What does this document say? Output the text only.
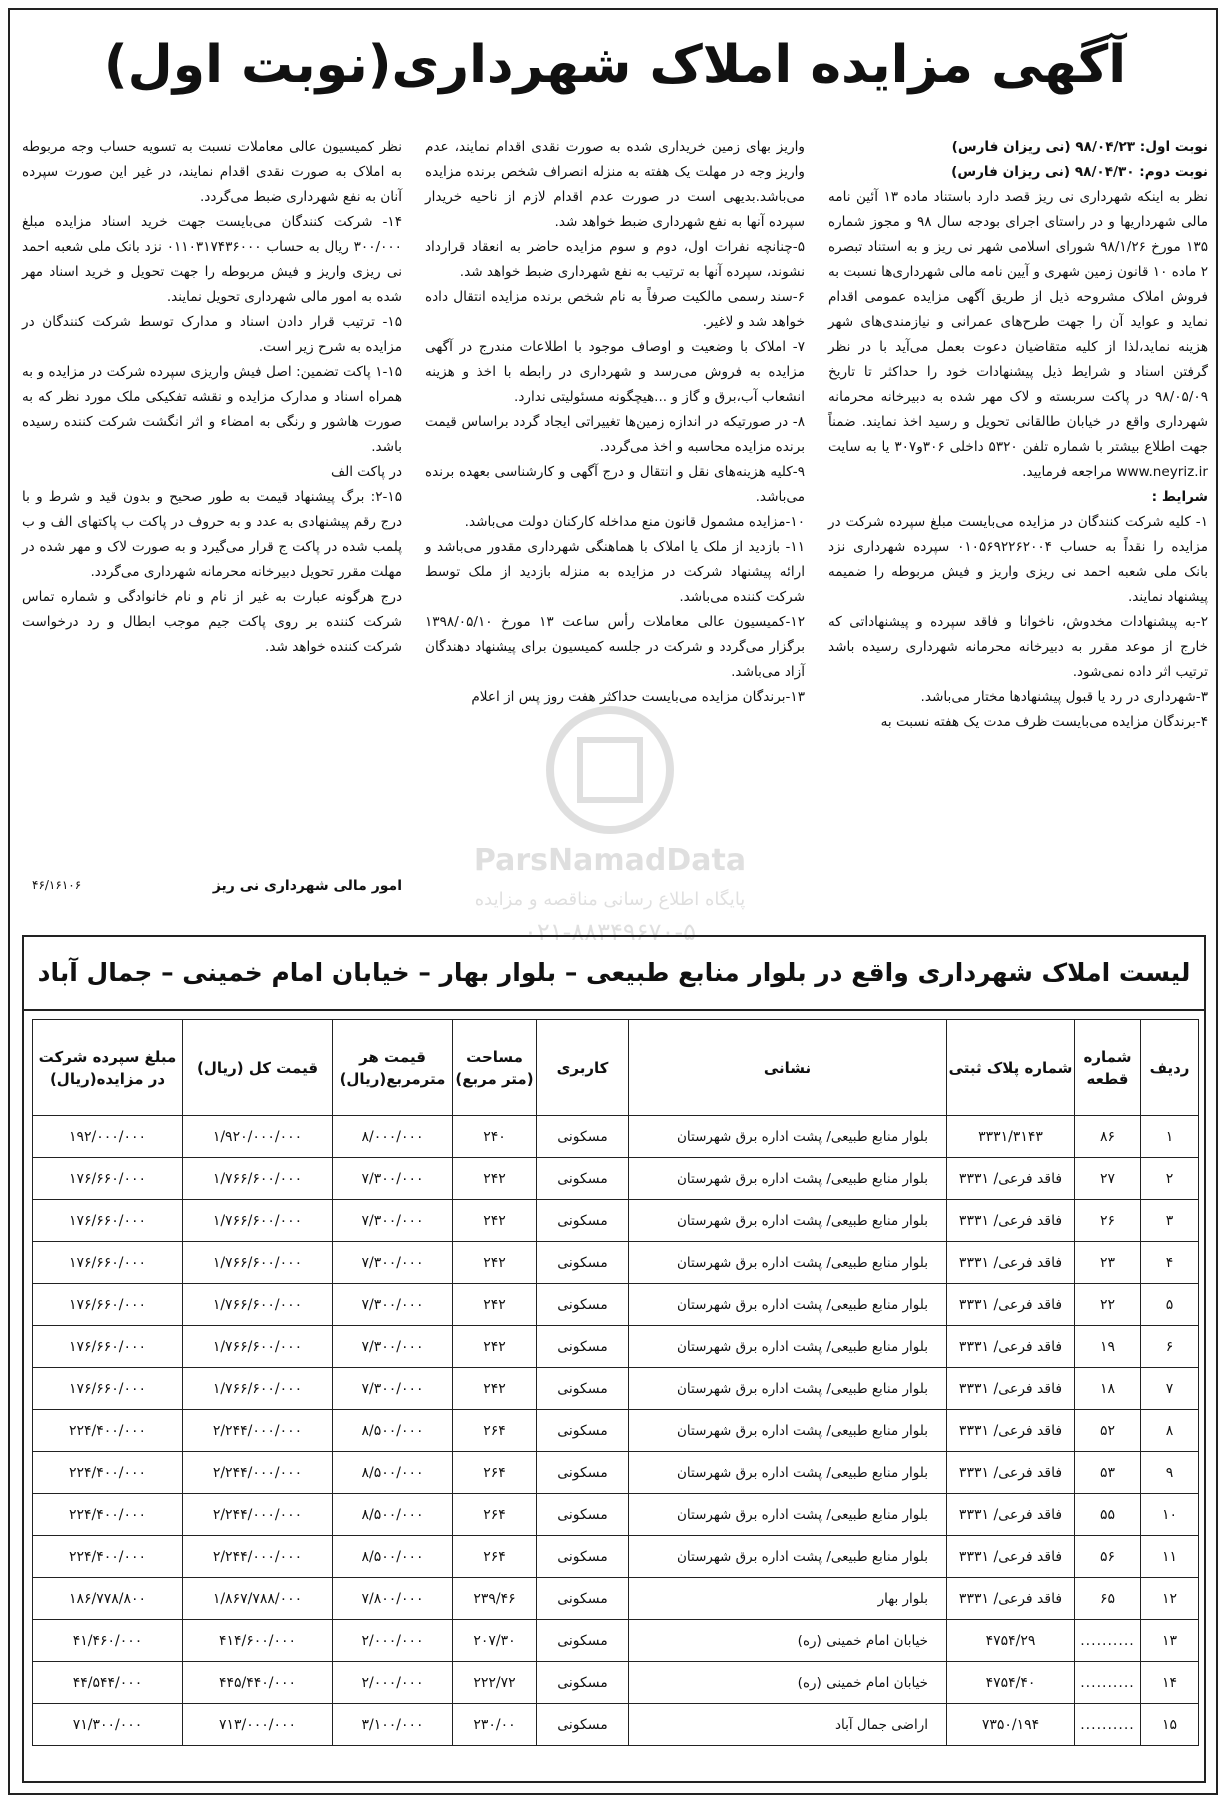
آگهی مزایده املاک شهرداری(نوبت اول)

نوبت اول: ۹۸/۰۴/۲۳ (نی ریزان فارس)

نوبت دوم: ۹۸/۰۴/۳۰ (نی ریزان فارس)

نظر به اینکه شهرداری نی ریز قصد دارد باستناد ماده ۱۳ آئین نامه مالی شهرداریها و در راستای اجرای بودجه سال ۹۸ و مجوز شماره ۱۳۵ مورخ ۹۸/۱/۲۶ شورای اسلامی شهر نی ریز و به استناد تبصره ۲ ماده ۱۰ قانون زمین شهری و آیین نامه مالی شهرداری‌ها نسبت به فروش املاک مشروحه ذیل از طریق آگهی مزایده عمومی اقدام نماید و عواید آن را جهت طرح‌های عمرانی و نیازمندی‌های شهر هزینه نماید،لذا از کلیه متقاضیان دعوت بعمل می‌آید با در نظر گرفتن اسناد و شرایط ذیل پیشنهادات خود را حداکثر تا تاریخ ۹۸/۰۵/۰۹ در پاکت سربسته و لاک مهر شده به دبیرخانه محرمانه شهرداری واقع در خیابان طالقانی تحویل و رسید اخذ نمایند. ضمناً جهت اطلاع بیشتر با شماره تلفن ۵۳۲۰ داخلی ۳۰۶و۳۰۷ یا به سایت www.neyriz.ir مراجعه فرمایید.

شرایط :

۱- کلیه شرکت کنندگان در مزایده می‌بایست مبلغ سپرده شرکت در مزایده را نقداً به حساب ۰۱۰۵۶۹۲۲۶۲۰۰۴ سپرده شهرداری نزد بانک ملی شعبه احمد نی ریزی واریز و فیش مربوطه را ضمیمه پیشنهاد نمایند.

۲-به پیشنهادات مخدوش، ناخوانا و فاقد سپرده و پیشنهاداتی که خارج از موعد مقرر به دبیرخانه محرمانه شهرداری رسیده باشد ترتیب اثر داده نمی‌شود.

۳-شهرداری در رد یا قبول پیشنهادها مختار می‌باشد.

۴-برندگان مزایده می‌بایست ظرف مدت یک هفته نسبت به

واریز بهای زمین خریداری شده به صورت نقدی اقدام نمایند، عدم واریز وجه در مهلت یک هفته به منزله انصراف شخص برنده مزایده می‌باشد.بدیهی است در صورت عدم اقدام لازم از ناحیه خریدار سپرده آنها به نفع شهرداری ضبط خواهد شد.

۵-چنانچه نفرات اول، دوم و سوم مزایده حاضر به انعقاد قرارداد نشوند، سپرده آنها به ترتیب به نفع شهرداری ضبط خواهد شد.

۶-سند رسمی مالکیت صرفاً به نام شخص برنده مزایده انتقال داده خواهد شد و لاغیر.

۷- املاک با وضعیت و اوصاف موجود با اطلاعات مندرج در آگهی مزایده به فروش می‌رسد و شهرداری در رابطه با اخذ و هزینه انشعاب آب،برق و گاز و ...هیچگونه مسئولیتی ندارد.

۸- در صورتیکه در اندازه زمین‌ها تغییراتی ایجاد گردد براساس قیمت برنده مزایده محاسبه و اخذ می‌گردد.

۹-کلیه هزینه‌های نقل و انتقال و درج آگهی و کارشناسی بعهده برنده می‌باشد.

۱۰-مزایده مشمول قانون منع مداخله کارکنان دولت می‌باشد.

۱۱- بازدید از ملک یا املاک با هماهنگی شهرداری مقدور می‌باشد و ارائه پیشنهاد شرکت در مزایده به منزله بازدید از ملک توسط شرکت کننده می‌باشد.

۱۲-کمیسیون عالی معاملات رأس ساعت ۱۳ مورخ ۱۳۹۸/۰۵/۱۰ برگزار می‌گردد و شرکت در جلسه کمیسیون برای پیشنهاد دهندگان آزاد می‌باشد.

۱۳-برندگان مزایده می‌بایست حداکثر هفت روز پس از اعلام

نظر کمیسیون عالی معاملات نسبت به تسویه حساب وجه مربوطه به املاک به صورت نقدی اقدام نمایند، در غیر این صورت سپرده آنان به نفع شهرداری ضبط می‌گردد.

۱۴- شرکت کنندگان می‌بایست جهت خرید اسناد مزایده مبلغ ۳۰۰/۰۰۰ ریال به حساب ۰۱۱۰۳۱۷۴۳۶۰۰۰ نزد بانک ملی شعبه احمد نی ریزی واریز و فیش مربوطه را جهت تحویل و خرید اسناد مهر شده به امور مالی شهرداری تحویل نمایند.

۱۵- ترتیب قرار دادن اسناد و مدارک توسط شرکت کنندگان در مزایده به شرح زیر است.

۱-۱۵ پاکت تضمین: اصل فیش واریزی سپرده شرکت در مزایده و به همراه اسناد و مدارک مزایده و نقشه تفکیکی ملک مورد نظر که به صورت هاشور و رنگی به امضاء و اثر انگشت شرکت کننده رسیده باشد.

در پاکت الف

۲-۱۵: برگ پیشنهاد قیمت به طور صحیح و بدون قید و شرط و با درج رقم پیشنهادی به عدد و به حروف در پاکت ب پاکتهای الف و ب پلمب شده در پاکت ج قرار می‌گیرد و به صورت لاک و مهر شده در مهلت مقرر تحویل دبیرخانه محرمانه شهرداری می‌گردد.

درج هرگونه عبارت به غیر از نام و نام خانوادگی و شماره تماس شرکت کننده بر روی پاکت جیم موجب ابطال و رد درخواست شرکت کننده خواهد شد.

امور مالی شهرداری نی ریز
۴۶/۱۶۱۰۶
ParsNamadData
پایگاه اطلاع رسانی مناقصه و مزایده
۰۲۱-۸۸۳۴۹۶۷۰-۵
لیست املاک شهرداری واقع در بلوار منابع طبیعی – بلوار بهار – خیابان امام خمینی – جمال آباد
ردیف	شماره قطعه	شماره پلاک ثبتی	نشانی	کاربری	مساحت (متر مربع)	قیمت هر مترمربع(ریال)	قیمت کل (ریال)	مبلغ سپرده شرکت در مزایده(ریال)
۱	۸۶	۳۳۳۱/۳۱۴۳	بلوار منابع طبیعی/ پشت اداره برق شهرستان	مسکونی	۲۴۰	۸/۰۰۰/۰۰۰	۱/۹۲۰/۰۰۰/۰۰۰	۱۹۲/۰۰۰/۰۰۰
۲	۲۷	فاقد فرعی/ ۳۳۳۱	بلوار منابع طبیعی/ پشت اداره برق شهرستان	مسکونی	۲۴۲	۷/۳۰۰/۰۰۰	۱/۷۶۶/۶۰۰/۰۰۰	۱۷۶/۶۶۰/۰۰۰
۳	۲۶	فاقد فرعی/ ۳۳۳۱	بلوار منابع طبیعی/ پشت اداره برق شهرستان	مسکونی	۲۴۲	۷/۳۰۰/۰۰۰	۱/۷۶۶/۶۰۰/۰۰۰	۱۷۶/۶۶۰/۰۰۰
۴	۲۳	فاقد فرعی/ ۳۳۳۱	بلوار منابع طبیعی/ پشت اداره برق شهرستان	مسکونی	۲۴۲	۷/۳۰۰/۰۰۰	۱/۷۶۶/۶۰۰/۰۰۰	۱۷۶/۶۶۰/۰۰۰
۵	۲۲	فاقد فرعی/ ۳۳۳۱	بلوار منابع طبیعی/ پشت اداره برق شهرستان	مسکونی	۲۴۲	۷/۳۰۰/۰۰۰	۱/۷۶۶/۶۰۰/۰۰۰	۱۷۶/۶۶۰/۰۰۰
۶	۱۹	فاقد فرعی/ ۳۳۳۱	بلوار منابع طبیعی/ پشت اداره برق شهرستان	مسکونی	۲۴۲	۷/۳۰۰/۰۰۰	۱/۷۶۶/۶۰۰/۰۰۰	۱۷۶/۶۶۰/۰۰۰
۷	۱۸	فاقد فرعی/ ۳۳۳۱	بلوار منابع طبیعی/ پشت اداره برق شهرستان	مسکونی	۲۴۲	۷/۳۰۰/۰۰۰	۱/۷۶۶/۶۰۰/۰۰۰	۱۷۶/۶۶۰/۰۰۰
۸	۵۲	فاقد فرعی/ ۳۳۳۱	بلوار منابع طبیعی/ پشت اداره برق شهرستان	مسکونی	۲۶۴	۸/۵۰۰/۰۰۰	۲/۲۴۴/۰۰۰/۰۰۰	۲۲۴/۴۰۰/۰۰۰
۹	۵۳	فاقد فرعی/ ۳۳۳۱	بلوار منابع طبیعی/ پشت اداره برق شهرستان	مسکونی	۲۶۴	۸/۵۰۰/۰۰۰	۲/۲۴۴/۰۰۰/۰۰۰	۲۲۴/۴۰۰/۰۰۰
۱۰	۵۵	فاقد فرعی/ ۳۳۳۱	بلوار منابع طبیعی/ پشت اداره برق شهرستان	مسکونی	۲۶۴	۸/۵۰۰/۰۰۰	۲/۲۴۴/۰۰۰/۰۰۰	۲۲۴/۴۰۰/۰۰۰
۱۱	۵۶	فاقد فرعی/ ۳۳۳۱	بلوار منابع طبیعی/ پشت اداره برق شهرستان	مسکونی	۲۶۴	۸/۵۰۰/۰۰۰	۲/۲۴۴/۰۰۰/۰۰۰	۲۲۴/۴۰۰/۰۰۰
۱۲	۶۵	فاقد فرعی/ ۳۳۳۱	بلوار بهار	مسکونی	۲۳۹/۴۶	۷/۸۰۰/۰۰۰	۱/۸۶۷/۷۸۸/۰۰۰	۱۸۶/۷۷۸/۸۰۰
۱۳	..........	۴۷۵۴/۲۹	خیابان امام خمینی (ره)	مسکونی	۲۰۷/۳۰	۲/۰۰۰/۰۰۰	۴۱۴/۶۰۰/۰۰۰	۴۱/۴۶۰/۰۰۰
۱۴	..........	۴۷۵۴/۴۰	خیابان امام خمینی (ره)	مسکونی	۲۲۲/۷۲	۲/۰۰۰/۰۰۰	۴۴۵/۴۴۰/۰۰۰	۴۴/۵۴۴/۰۰۰
۱۵	..........	۷۳۵۰/۱۹۴	اراضی جمال آباد	مسکونی	۲۳۰/۰۰	۳/۱۰۰/۰۰۰	۷۱۳/۰۰۰/۰۰۰	۷۱/۳۰۰/۰۰۰
